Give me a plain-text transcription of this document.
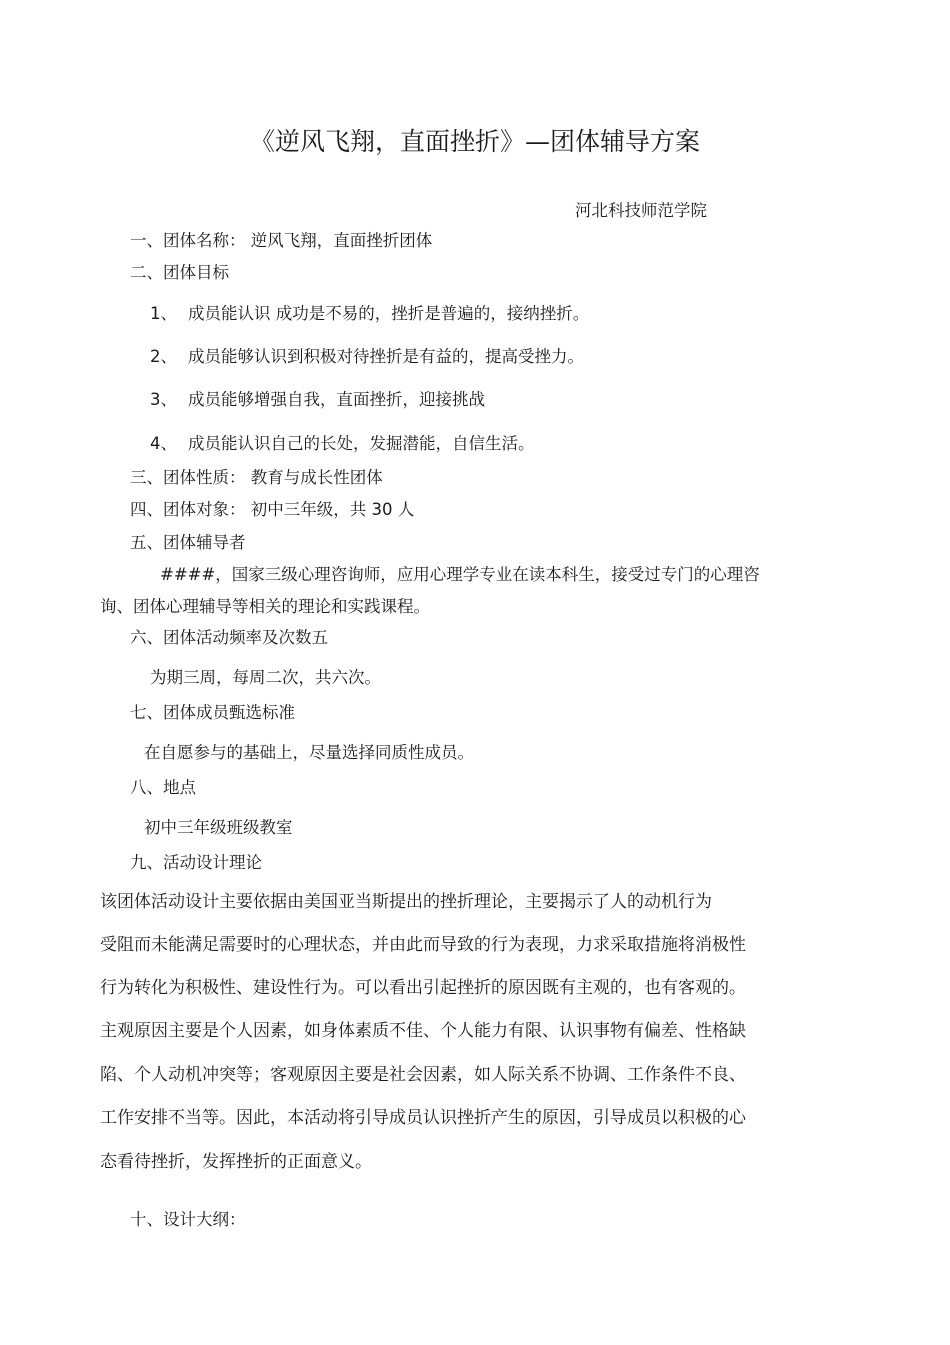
《逆风飞翔，直面挫折》—团体辅导方案
河北科技师范学院
一、团体名称： 逆风飞翔，直面挫折团体
二、团体目标
1、 成员能认识 成功是不易的，挫折是普遍的，接纳挫折。
2、 成员能够认识到积极对待挫折是有益的，提高受挫力。
3、 成员能够增强自我，直面挫折，迎接挑战
4、 成员能认识自己的长处，发掘潜能，自信生活。
三、团体性质： 教育与成长性团体
四、团体对象： 初中三年级，共 30 人
五、团体辅导者
####，国家三级心理咨询师，应用心理学专业在读本科生，接受过专门的心理咨
询、团体心理辅导等相关的理论和实践课程。
六、团体活动频率及次数五
为期三周，每周二次，共六次。
七、团体成员甄选标准
在自愿参与的基础上，尽量选择同质性成员。
八、地点
初中三年级班级教室
九、活动设计理论
该团体活动设计主要依据由美国亚当斯提出的挫折理论，主要揭示了人的动机行为
受阻而未能满足需要时的心理状态，并由此而导致的行为表现，力求采取措施将消极性
行为转化为积极性、建设性行为。可以看出引起挫折的原因既有主观的，也有客观的。
主观原因主要是个人因素，如身体素质不佳、个人能力有限、认识事物有偏差、性格缺
陷、个人动机冲突等；客观原因主要是社会因素，如人际关系不协调、工作条件不良、
工作安排不当等。因此，本活动将引导成员认识挫折产生的原因，引导成员以积极的心
态看待挫折，发挥挫折的正面意义。
十、设计大纲：
